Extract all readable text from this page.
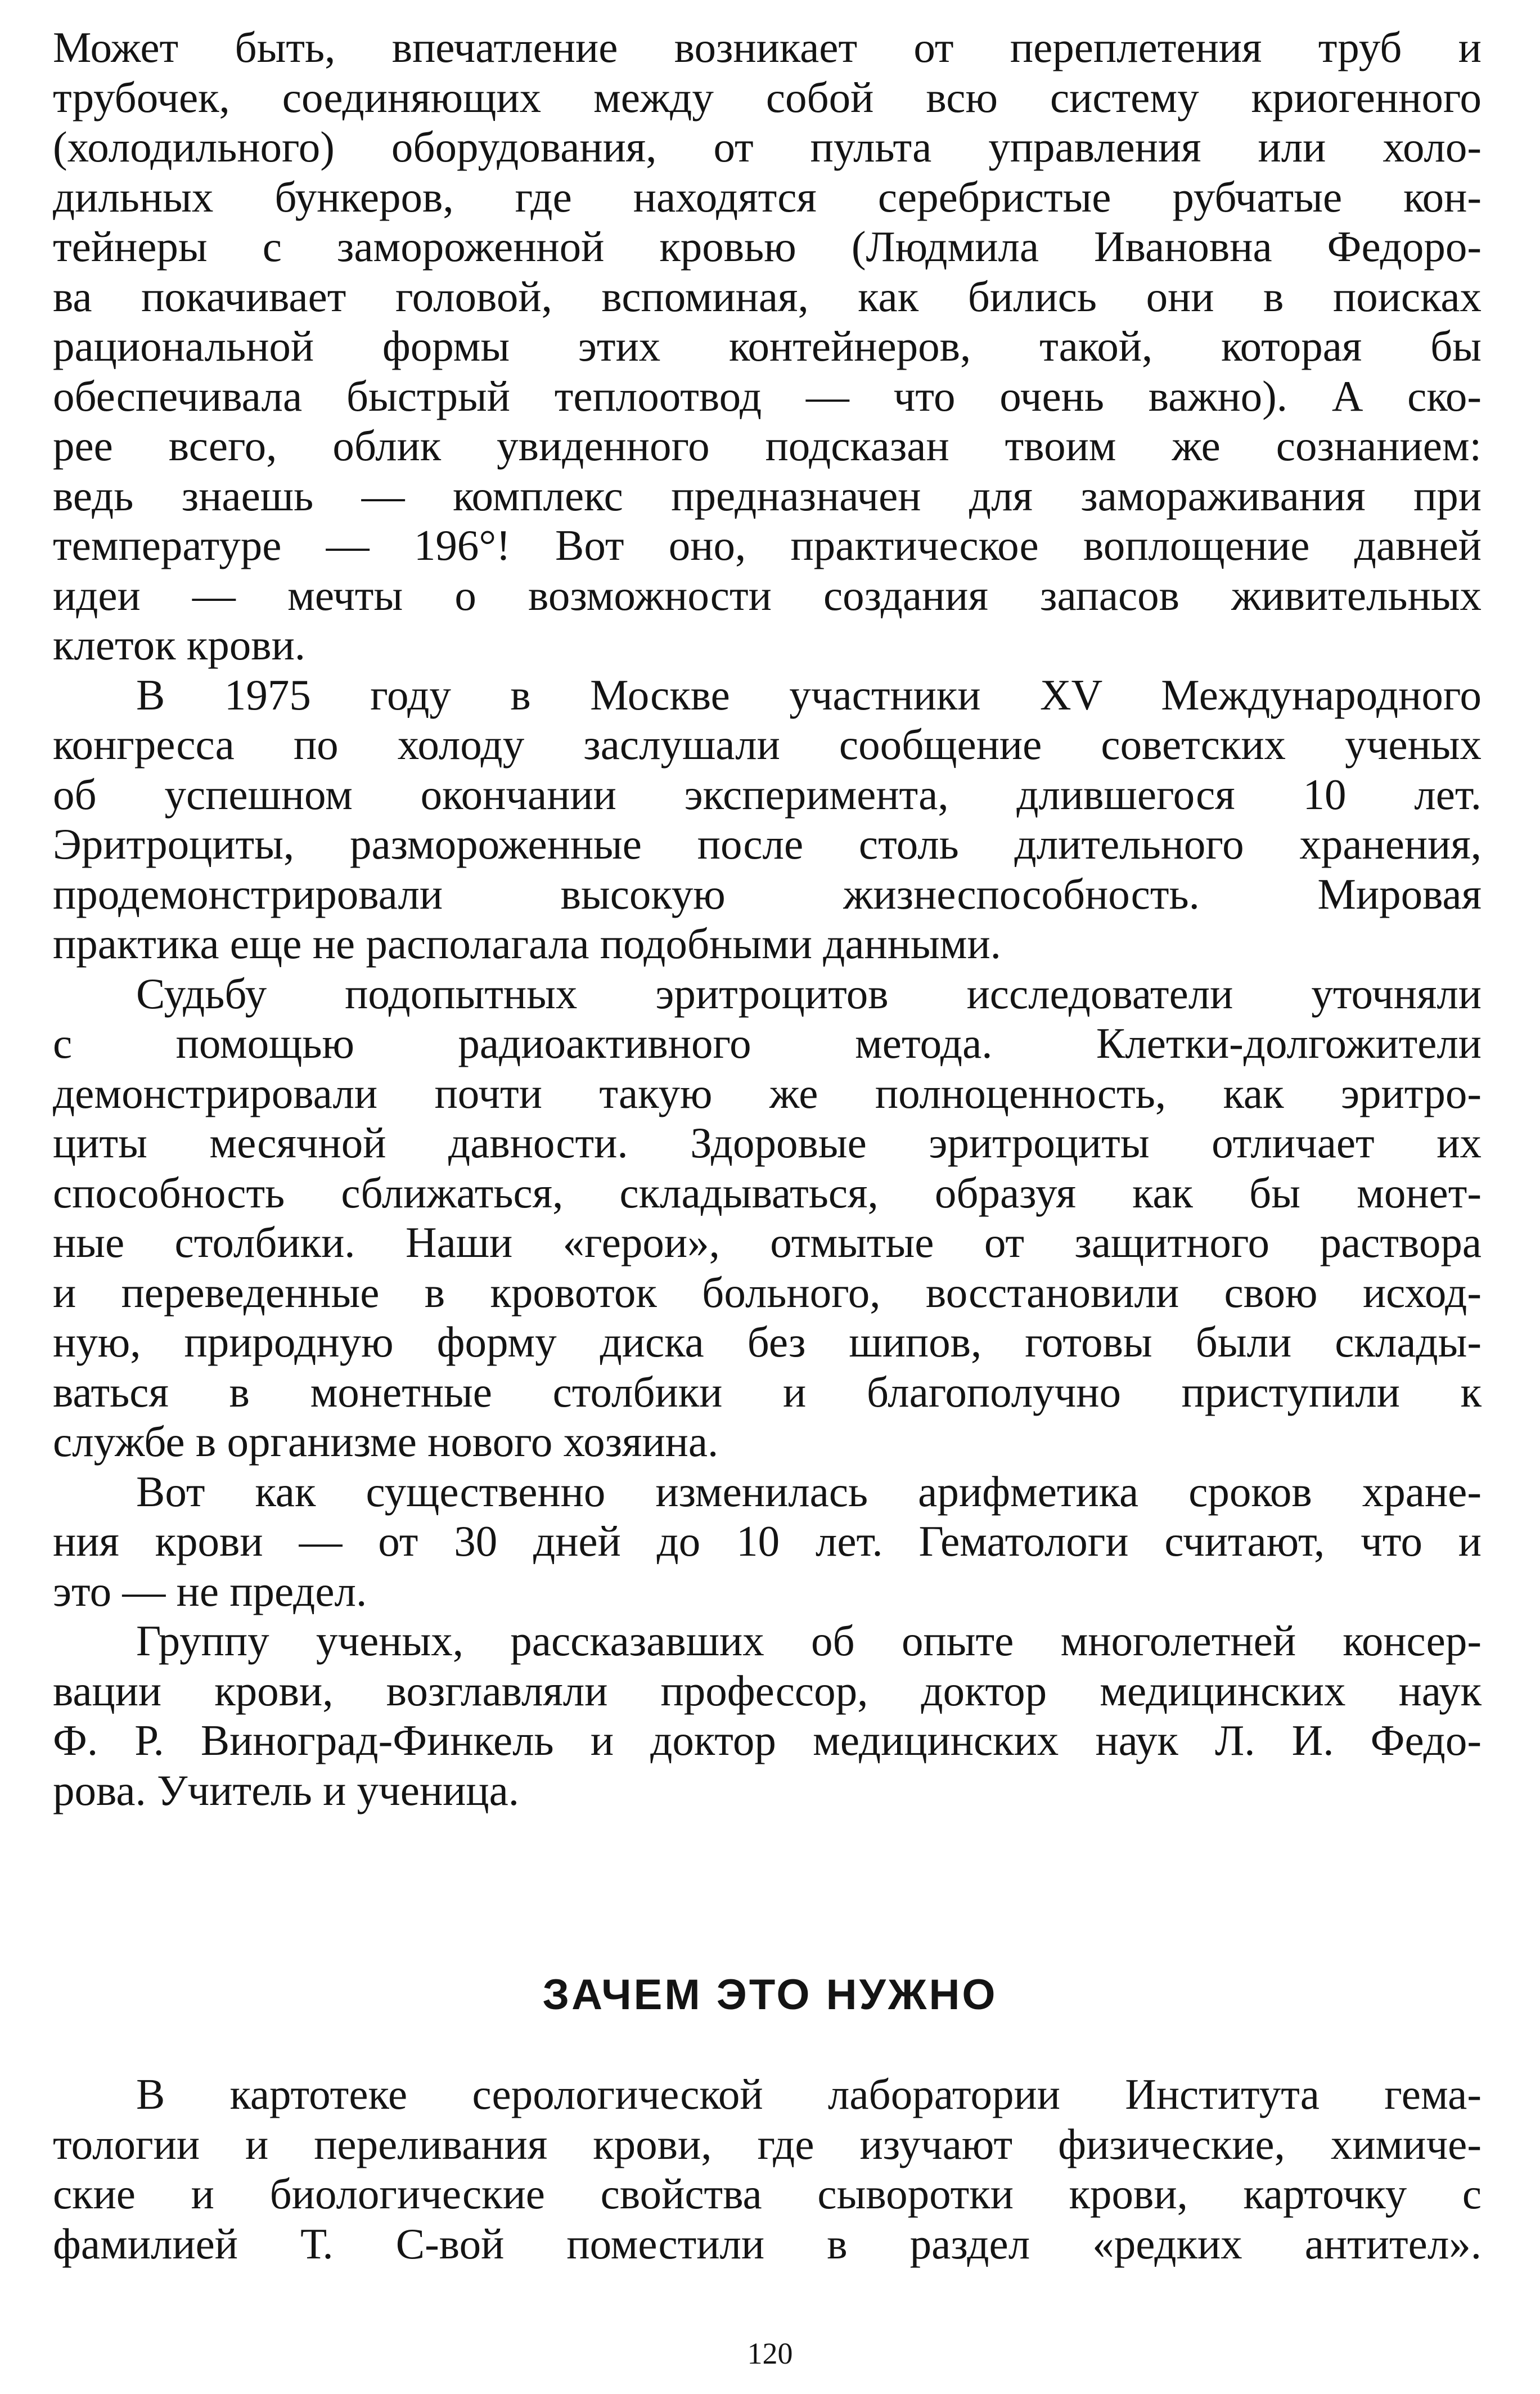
Может быть, впечатление возникает от переплетения труб и
трубочек, соединяющих между собой всю систему криогенного
(холодильного) оборудования, от пульта управления или холо-
дильных бункеров, где находятся серебристые рубчатые кон-
тейнеры с замороженной кровью (Людмила Ивановна Федоро-
ва покачивает головой, вспоминая, как бились они в поисках
рациональной формы этих контейнеров, такой, которая бы
обеспечивала быстрый теплоотвод — что очень важно). А ско-
рее всего, облик увиденного подсказан твоим же сознанием:
ведь знаешь — комплекс предназначен для замораживания при
температуре — 196°! Вот оно, практическое воплощение давней
идеи — мечты о возможности создания запасов живительных
клеток крови.
В 1975 году в Москве участники XV Международного
конгресса по холоду заслушали сообщение советских ученых
об успешном окончании эксперимента, длившегося 10 лет.
Эритроциты, размороженные после столь длительного хранения,
продемонстрировали высокую жизнеспособность. Мировая
практика еще не располагала подобными данными.
Судьбу подопытных эритроцитов исследователи уточняли
с помощью радиоактивного метода. Клетки-долгожители
демонстрировали почти такую же полноценность, как эритро-
циты месячной давности. Здоровые эритроциты отличает их
способность сближаться, складываться, образуя как бы монет-
ные столбики. Наши «герои», отмытые от защитного раствора
и переведенные в кровоток больного, восстановили свою исход-
ную, природную форму диска без шипов, готовы были склады-
ваться в монетные столбики и благополучно приступили к
службе в организме нового хозяина.
Вот как существенно изменилась арифметика сроков хране-
ния крови — от 30 дней до 10 лет. Гематологи считают, что и
это — не предел.
Группу ученых, рассказавших об опыте многолетней консер-
вации крови, возглавляли профессор, доктор медицинских наук
Ф. Р. Виноград-Финкель и доктор медицинских наук Л. И. Федо-
рова. Учитель и ученица.
ЗАЧЕМ ЭТО НУЖНО
В картотеке серологической лаборатории Института гема-
тологии и переливания крови, где изучают физические, химиче-
ские и биологические свойства сыворотки крови, карточку с
фамилией Т. С-вой поместили в раздел «редких антител».
120
